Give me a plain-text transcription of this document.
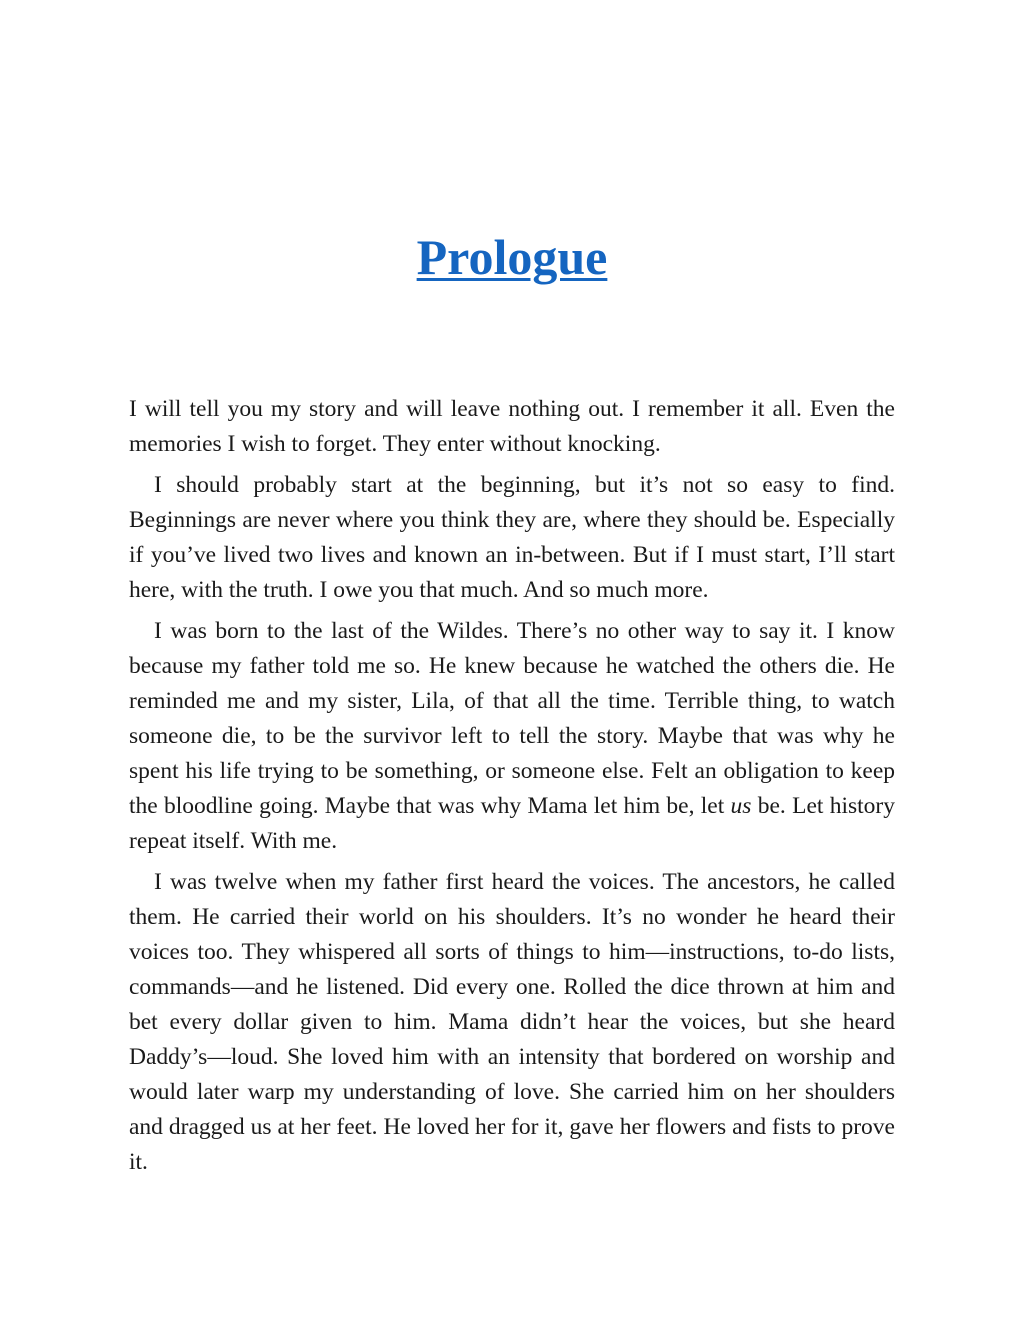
Prologue

I will tell you my story and will leave nothing out. I remember it all. Even the memories I wish to forget. They enter without knocking.

I should probably start at the beginning, but it’s not so easy to find. Beginnings are never where you think they are, where they should be. Especially if you’ve lived two lives and known an in-between. But if I must start, I’ll start here, with the truth. I owe you that much. And so much more.

I was born to the last of the Wildes. There’s no other way to say it. I know because my father told me so. He knew because he watched the others die. He reminded me and my sister, Lila, of that all the time. Terrible thing, to watch someone die, to be the survivor left to tell the story. Maybe that was why he spent his life trying to be something, or someone else. Felt an obligation to keep the bloodline going. Maybe that was why Mama let him be, let us be. Let history repeat itself. With me.

I was twelve when my father first heard the voices. The ancestors, he called them. He carried their world on his shoulders. It’s no wonder he heard their voices too. They whispered all sorts of things to him—instructions, to-do lists, commands—and he listened. Did every one. Rolled the dice thrown at him and bet every dollar given to him. Mama didn’t hear the voices, but she heard Daddy’s—loud. She loved him with an intensity that bordered on worship and would later warp my understanding of love. She carried him on her shoulders and dragged us at her feet. He loved her for it, gave her flowers and fists to prove it.
